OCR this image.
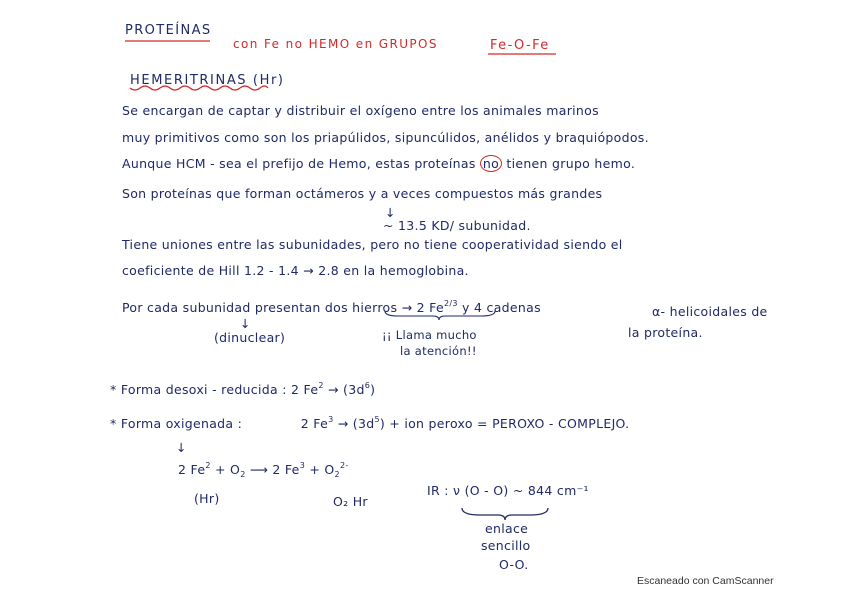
PROTEÍNAS
con Fe no HEMO en GRUPOS	Fe-O-Fe
HEMERITRINAS (Hr)
Se encargan de captar y distribuir el oxígeno entre los animales marinos
muy primitivos como son los priapúlidos, sipuncúlidos, anélidos y braquiópodos.
Aunque HCM - sea el prefijo de Hemo, estas proteínas no tienen grupo hemo.
Son proteínas que forman octámeros y a veces compuestos más grandes
↓
~ 13.5 KD/ subunidad.
Tiene uniones entre las subunidades, pero no tiene cooperatividad siendo el
coeficiente de Hill 1.2 - 1.4 → 2.8 en la hemoglobina.
Por cada subunidad presentan dos hierros → 2 $Fe^{2/3}$ y 4 cadenas	α- helicoidales de
la proteína.
↓
(dinuclear)	¡¡ Llama mucho
la atención!!
* Forma desoxi - reducida : 2 $Fe^2 \to (3d^6)$
* Forma oxigenada :	2 $Fe^3 \to (3d^5)$ + ion peroxo = PEROXO - COMPLEJO.
↓
2 $Fe^2 + O_2$ ⟶ 2 $Fe^3 + O_2^{2-}$
(Hr)	O₂ Hr
IR : ν (O - O) ~ 844 cm⁻¹
enlace
sencillo
O-O.
Escaneado con CamScanner
